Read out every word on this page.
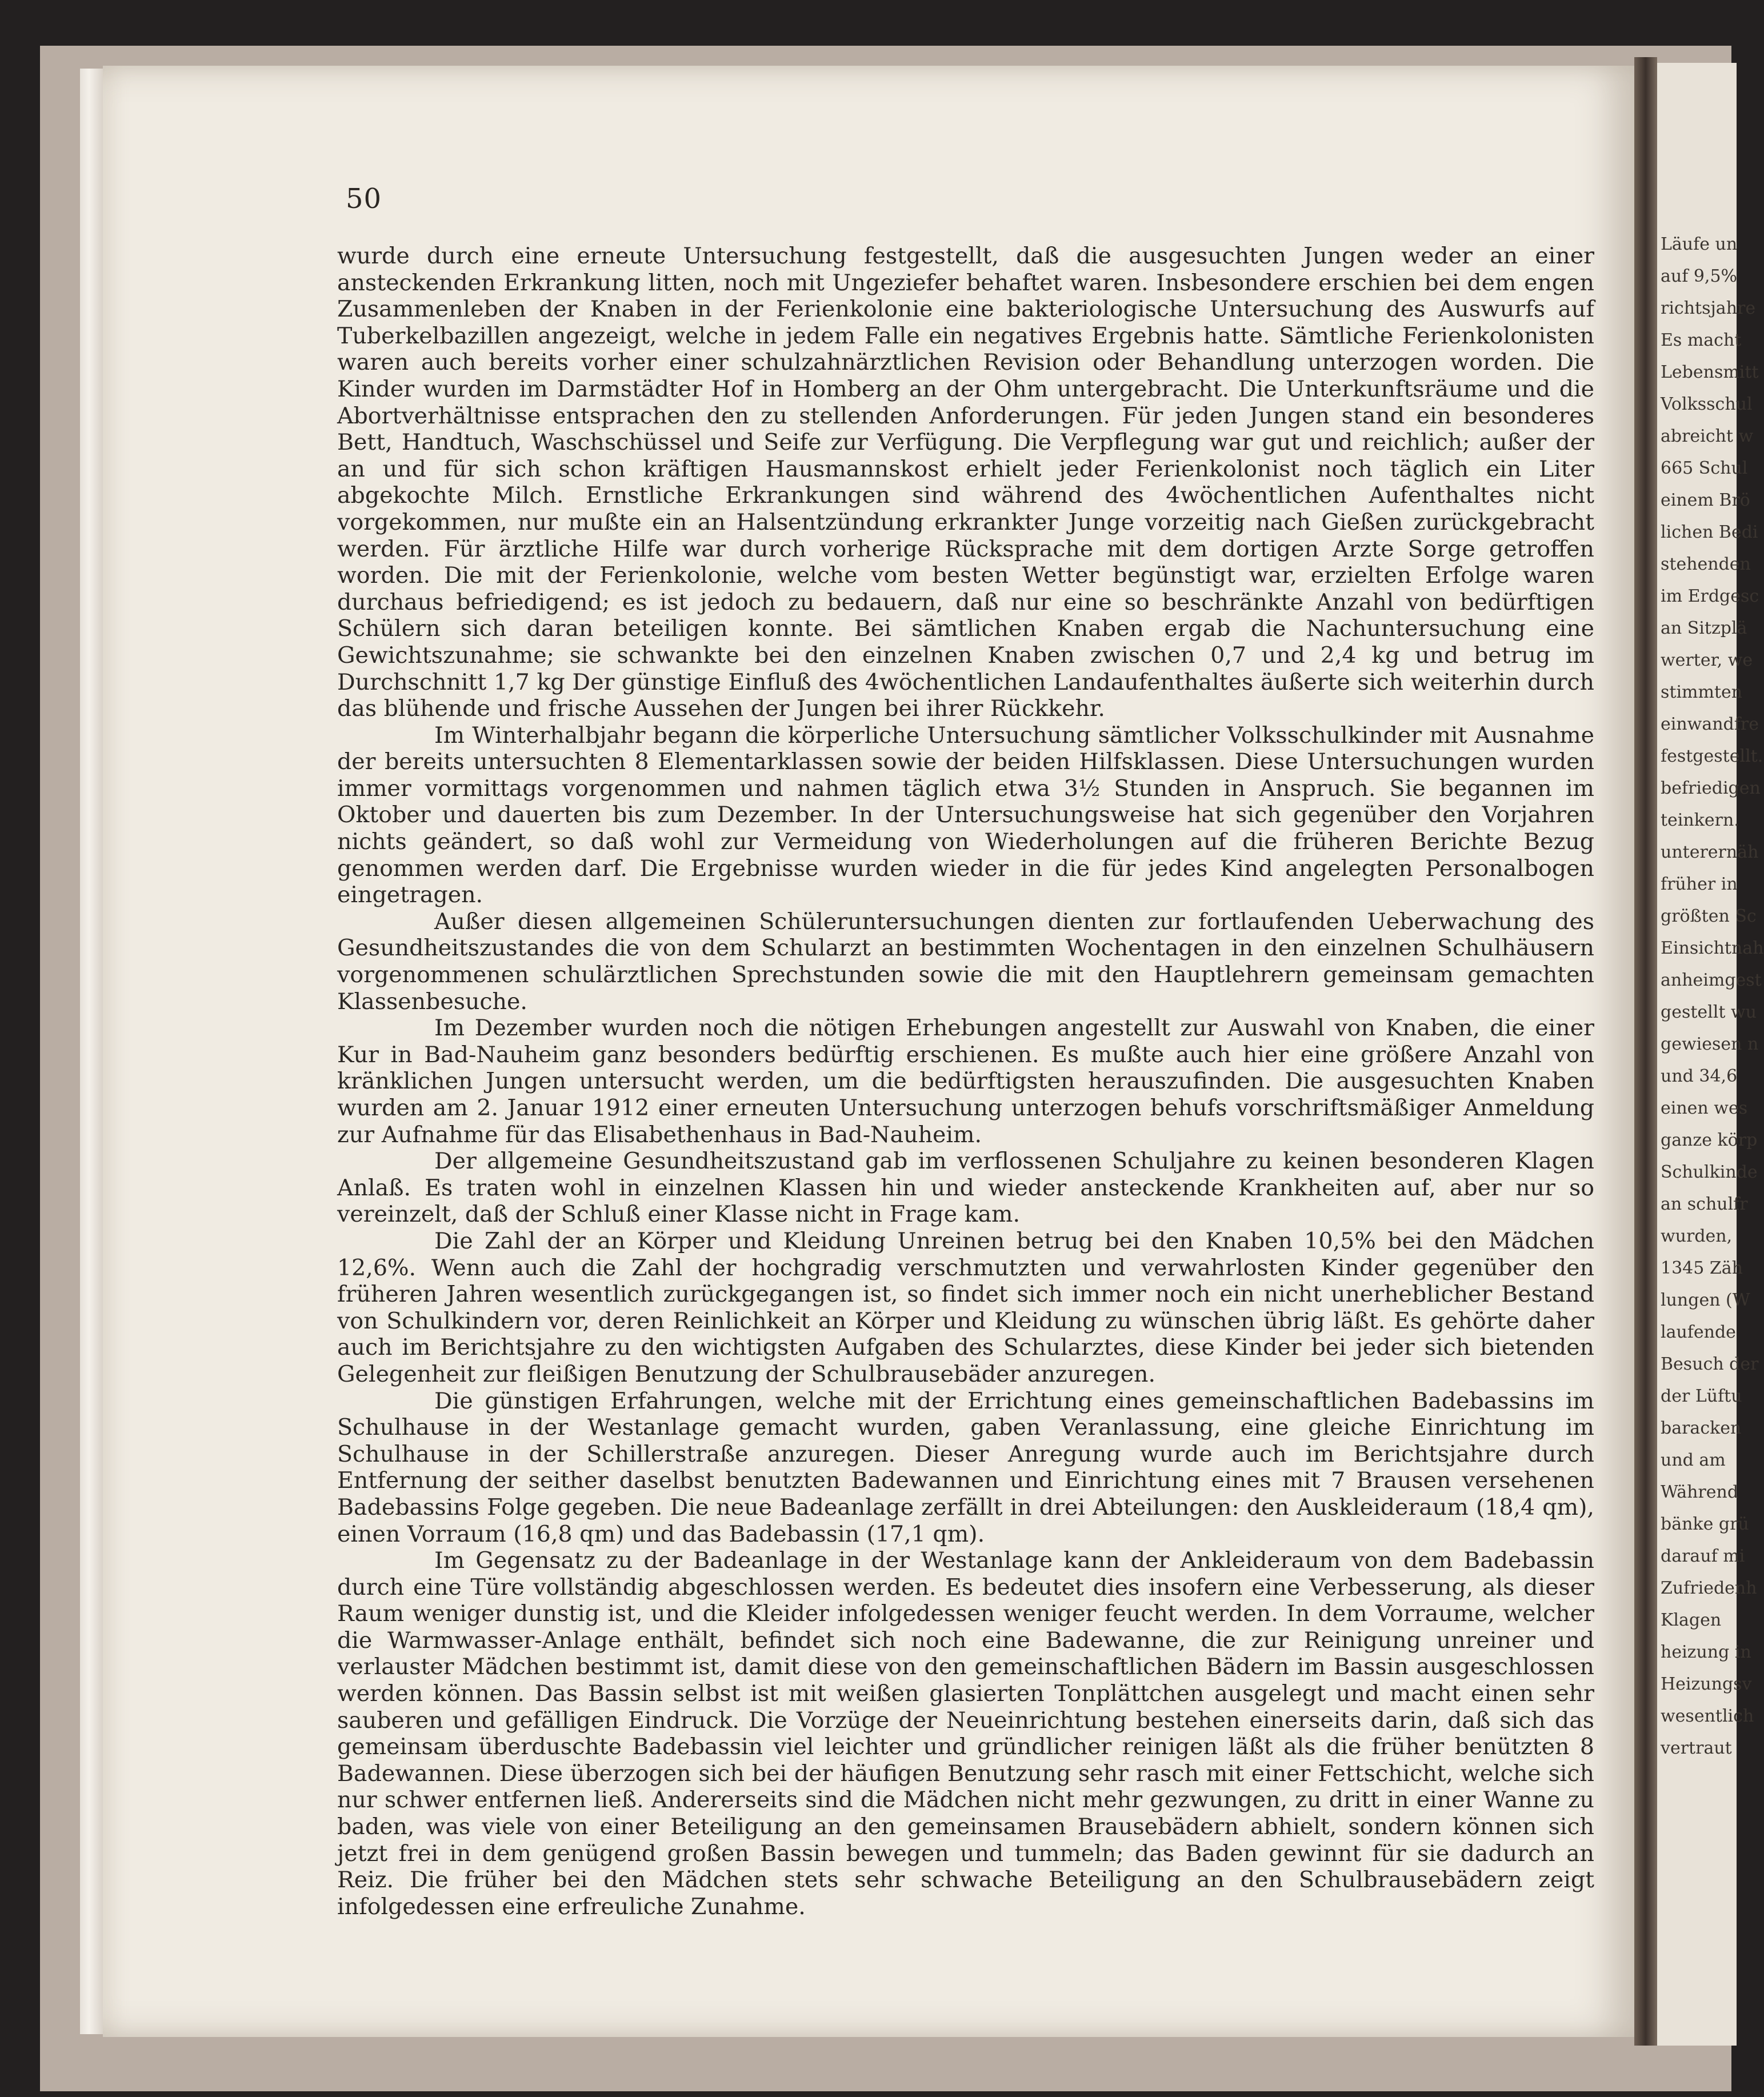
50

wurde durch eine erneute Untersuchung festgestellt, daß die ausgesuchten Jungen weder an einer ansteckenden Erkrankung litten, noch mit Ungeziefer behaftet waren. Insbesondere erschien bei dem engen Zusammenleben der Knaben in der Ferienkolonie eine bakteriologische Untersuchung des Auswurfs auf Tuberkelbazillen angezeigt, welche in jedem Falle ein negatives Ergebnis hatte. Sämtliche Ferienkolonisten waren auch bereits vorher einer schulzahnärztlichen Revision oder Behandlung unterzogen worden. Die Kinder wurden im Darmstädter Hof in Homberg an der Ohm untergebracht. Die Unterkunftsräume und die Abortverhältnisse entsprachen den zu stellenden Anforderungen. Für jeden Jungen stand ein besonderes Bett, Handtuch, Waschschüssel und Seife zur Verfügung. Die Verpflegung war gut und reichlich; außer der an und für sich schon kräftigen Hausmannskost erhielt jeder Ferienkolonist noch täglich ein Liter abgekochte Milch. Ernstliche Erkrankungen sind während des 4wöchentlichen Aufenthaltes nicht vorgekommen, nur mußte ein an Halsentzündung erkrankter Junge vorzeitig nach Gießen zurückgebracht werden. Für ärztliche Hilfe war durch vorherige Rücksprache mit dem dortigen Arzte Sorge getroffen worden. Die mit der Ferienkolonie, welche vom besten Wetter begünstigt war, erzielten Erfolge waren durchaus befriedigend; es ist jedoch zu bedauern, daß nur eine so beschränkte Anzahl von bedürftigen Schülern sich daran beteiligen konnte. Bei sämtlichen Knaben ergab die Nachuntersuchung eine Gewichtszunahme; sie schwankte bei den einzelnen Knaben zwischen 0,7 und 2,4 kg und betrug im Durchschnitt 1,7 kg Der günstige Einfluß des 4wöchentlichen Landaufenthaltes äußerte sich weiterhin durch das blühende und frische Aussehen der Jungen bei ihrer Rückkehr.

Im Winterhalbjahr begann die körperliche Untersuchung sämtlicher Volksschulkinder mit Ausnahme der bereits untersuchten 8 Elementarklassen sowie der beiden Hilfsklassen. Diese Untersuchungen wurden immer vormittags vorgenommen und nahmen täglich etwa 3½ Stunden in Anspruch. Sie begannen im Oktober und dauerten bis zum Dezember. In der Untersuchungsweise hat sich gegenüber den Vorjahren nichts geändert, so daß wohl zur Vermeidung von Wiederholungen auf die früheren Berichte Bezug genommen werden darf. Die Ergebnisse wurden wieder in die für jedes Kind angelegten Personalbogen eingetragen.

Außer diesen allgemeinen Schüleruntersuchungen dienten zur fortlaufenden Ueberwachung des Gesundheitszustandes die von dem Schularzt an bestimmten Wochentagen in den einzelnen Schulhäusern vorgenommenen schulärztlichen Sprechstunden sowie die mit den Hauptlehrern gemeinsam gemachten Klassenbesuche.

Im Dezember wurden noch die nötigen Erhebungen angestellt zur Auswahl von Knaben, die einer Kur in Bad-Nauheim ganz besonders bedürftig erschienen. Es mußte auch hier eine größere Anzahl von kränklichen Jungen untersucht werden, um die bedürftigsten herauszufinden. Die ausgesuchten Knaben wurden am 2. Januar 1912 einer erneuten Untersuchung unterzogen behufs vorschriftsmäßiger Anmeldung zur Aufnahme für das Elisabethenhaus in Bad-Nauheim.

Der allgemeine Gesundheitszustand gab im verflossenen Schuljahre zu keinen besonderen Klagen Anlaß. Es traten wohl in einzelnen Klassen hin und wieder ansteckende Krankheiten auf, aber nur so vereinzelt, daß der Schluß einer Klasse nicht in Frage kam.

Die Zahl der an Körper und Kleidung Unreinen betrug bei den Knaben 10,5% bei den Mädchen 12,6%. Wenn auch die Zahl der hochgradig verschmutzten und verwahrlosten Kinder gegenüber den früheren Jahren wesentlich zurückgegangen ist, so findet sich immer noch ein nicht unerheblicher Bestand von Schulkindern vor, deren Reinlichkeit an Körper und Kleidung zu wünschen übrig läßt. Es gehörte daher auch im Berichtsjahre zu den wichtigsten Aufgaben des Schularztes, diese Kinder bei jeder sich bietenden Gelegenheit zur fleißigen Benutzung der Schulbrausebäder anzuregen.

Die günstigen Erfahrungen, welche mit der Errichtung eines gemeinschaftlichen Badebassins im Schulhause in der Westanlage gemacht wurden, gaben Veranlassung, eine gleiche Einrichtung im Schulhause in der Schillerstraße anzuregen. Dieser Anregung wurde auch im Berichtsjahre durch Entfernung der seither daselbst benutzten Badewannen und Einrichtung eines mit 7 Brausen versehenen Badebassins Folge gegeben. Die neue Badeanlage zerfällt in drei Abteilungen: den Auskleideraum (18,4 qm), einen Vorraum (16,8 qm) und das Badebassin (17,1 qm).

Im Gegensatz zu der Badeanlage in der Westanlage kann der Ankleideraum von dem Badebassin durch eine Türe vollständig abgeschlossen werden. Es bedeutet dies insofern eine Verbesserung, als dieser Raum weniger dunstig ist, und die Kleider infolgedessen weniger feucht werden. In dem Vorraume, welcher die Warmwasser-Anlage enthält, befindet sich noch eine Badewanne, die zur Reinigung unreiner und verlauster Mädchen bestimmt ist, damit diese von den gemeinschaftlichen Bädern im Bassin ausgeschlossen werden können. Das Bassin selbst ist mit weißen glasierten Tonplättchen ausgelegt und macht einen sehr sauberen und gefälligen Eindruck. Die Vorzüge der Neueinrichtung bestehen einerseits darin, daß sich das gemeinsam überduschte Badebassin viel leichter und gründlicher reinigen läßt als die früher benützten 8 Badewannen. Diese überzogen sich bei der häufigen Benutzung sehr rasch mit einer Fettschicht, welche sich nur schwer entfernen ließ. Andererseits sind die Mädchen nicht mehr gezwungen, zu dritt in einer Wanne zu baden, was viele von einer Beteiligung an den gemeinsamen Brausebädern abhielt, sondern können sich jetzt frei in dem genügend großen Bassin bewegen und tummeln; das Baden gewinnt für sie dadurch an Reiz. Die früher bei den Mädchen stets sehr schwache Beteiligung an den Schulbrausebädern zeigt infolgedessen eine erfreuliche Zunahme.

Läufe un
auf 9,5%
richtsjahre
Es macht
Lebensmitt
Volksschul
abreicht w
665 Schul
einem Brö
lichen Bedi
stehenden
im Erdgesc
an Sitzplä
werter, we
stimmten
einwandfre
festgestellt.
befriedigen
teinkern.
unterernäh
früher in
größten Sc
Einsichtnah
anheimgest
gestellt wu
gewiesen n
und 34,6
einen wes
ganze körp
Schulkinde
an schulfr
wurden,
1345 Zäh
lungen (W
laufende
Besuch der
der Lüftu
baracken
und am
Während
bänke grü
darauf mi
Zufriedenh
Klagen
heizung in
Heizungsv
wesentlich
vertraut
